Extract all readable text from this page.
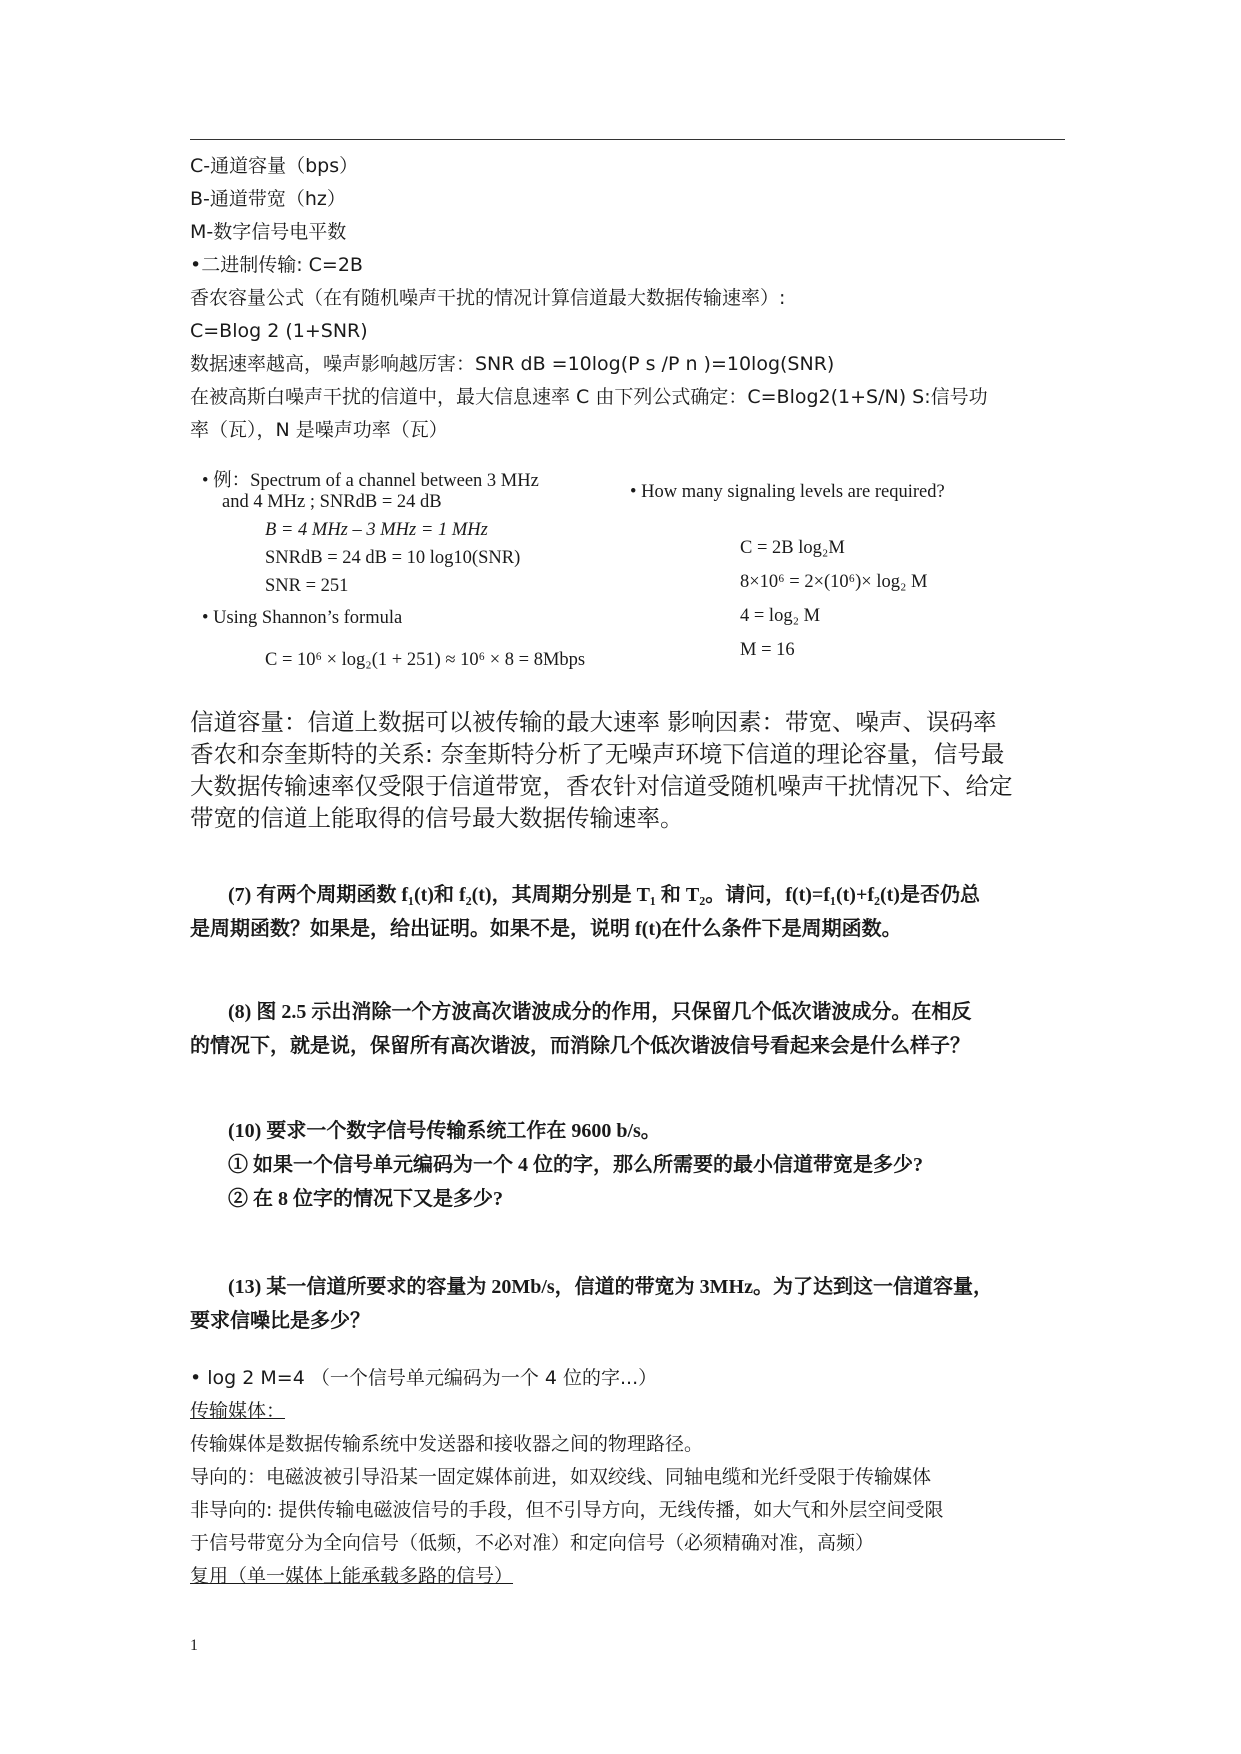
C-通道容量（bps）
B-通道带宽（hz）
M-数字信号电平数
•二进制传输: C=2B
香农容量公式（在有随机噪声干扰的情况计算信道最大数据传输速率）:
C=Blog 2 (1+SNR)
数据速率越高，噪声影响越厉害：SNR dB =10log(P s /P n )=10log(SNR)
在被高斯白噪声干扰的信道中，最大信息速率 C 由下列公式确定：C=Blog2(1+S/N) S:信号功
率（瓦），N 是噪声功率（瓦）
• 例：Spectrum of a channel between 3 MHz
and 4 MHz ; SNRdB = 24 dB
B = 4 MHz – 3 MHz = 1 MHz
SNRdB = 24 dB = 10 log10(SNR)
SNR = 251
• Using Shannon’s formula
C = 10⁶ × log₂(1 + 251) ≈ 10⁶ × 8 = 8Mbps
• How many signaling levels are required?
C = 2B log₂M
8×10⁶ = 2×(10⁶)× log₂ M
4 = log₂ M
M = 16
信道容量：信道上数据可以被传输的最大速率 影响因素：带宽、噪声、误码率
香农和奈奎斯特的关系: 奈奎斯特分析了无噪声环境下信道的理论容量，信号最
大数据传输速率仅受限于信道带宽，香农针对信道受随机噪声干扰情况下、给定
带宽的信道上能取得的信号最大数据传输速率。
(7) 有两个周期函数 f₁(t)和 f₂(t)，其周期分别是 T₁ 和 T₂。请问，f(t)=f₁(t)+f₂(t)是否仍总
是周期函数？如果是，给出证明。如果不是，说明 f(t)在什么条件下是周期函数。
(8) 图 2.5 示出消除一个方波高次谐波成分的作用，只保留几个低次谐波成分。在相反
的情况下，就是说，保留所有高次谐波，而消除几个低次谐波信号看起来会是什么样子？
(10) 要求一个数字信号传输系统工作在 9600 b/s。
① 如果一个信号单元编码为一个 4 位的字，那么所需要的最小信道带宽是多少?
② 在 8 位字的情况下又是多少?
(13) 某一信道所要求的容量为 20Mb/s，信道的带宽为 3MHz。为了达到这一信道容量，
要求信噪比是多少？
• log 2 M=4 （一个信号单元编码为一个 4 位的字...）
传输媒体：
传输媒体是数据传输系统中发送器和接收器之间的物理路径。
导向的：电磁波被引导沿某一固定媒体前进，如双绞线、同轴电缆和光纤受限于传输媒体
非导向的: 提供传输电磁波信号的手段，但不引导方向，无线传播，如大气和外层空间受限
于信号带宽分为全向信号（低频，不必对准）和定向信号（必须精确对准，高频）
复用（单一媒体上能承载多路的信号）
1
